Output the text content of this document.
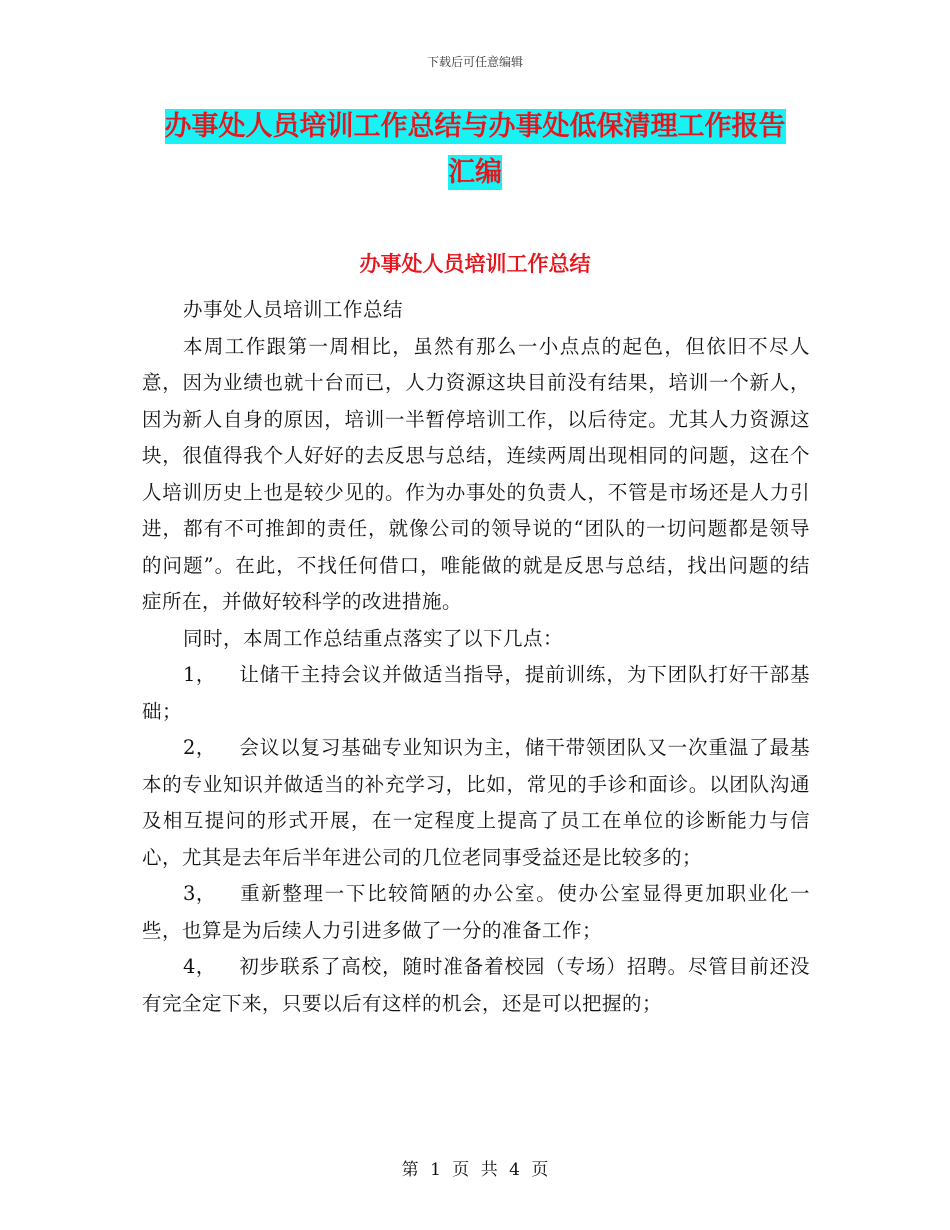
下载后可任意编辑
办事处人员培训工作总结与办事处低保清理工作报告
汇编
办事处人员培训工作总结

办事处人员培训工作总结

本周工作跟第一周相比，虽然有那么一小点点的起色，但依旧不尽人意，因为业绩也就十台而已，人力资源这块目前没有结果，培训一个新人，因为新人自身的原因，培训一半暂停培训工作，以后待定。尤其人力资源这块，很值得我个人好好的去反思与总结，连续两周出现相同的问题，这在个人培训历史上也是较少见的。作为办事处的负责人，不管是市场还是人力引进，都有不可推卸的责任，就像公司的领导说的“团队的一切问题都是领导的问题”。在此，不找任何借口，唯能做的就是反思与总结，找出问题的结症所在，并做好较科学的改进措施。

同时，本周工作总结重点落实了以下几点：

1， 让储干主持会议并做适当指导，提前训练，为下团队打好干部基础；

2， 会议以复习基础专业知识为主，储干带领团队又一次重温了最基本的专业知识并做适当的补充学习，比如，常见的手诊和面诊。以团队沟通及相互提问的形式开展，在一定程度上提高了员工在单位的诊断能力与信心，尤其是去年后半年进公司的几位老同事受益还是比较多的；

3， 重新整理一下比较简陋的办公室。使办公室显得更加职业化一些，也算是为后续人力引进多做了一分的准备工作；

4， 初步联系了高校，随时准备着校园（专场）招聘。尽管目前还没有完全定下来，只要以后有这样的机会，还是可以把握的；

第 1 页 共 4 页
